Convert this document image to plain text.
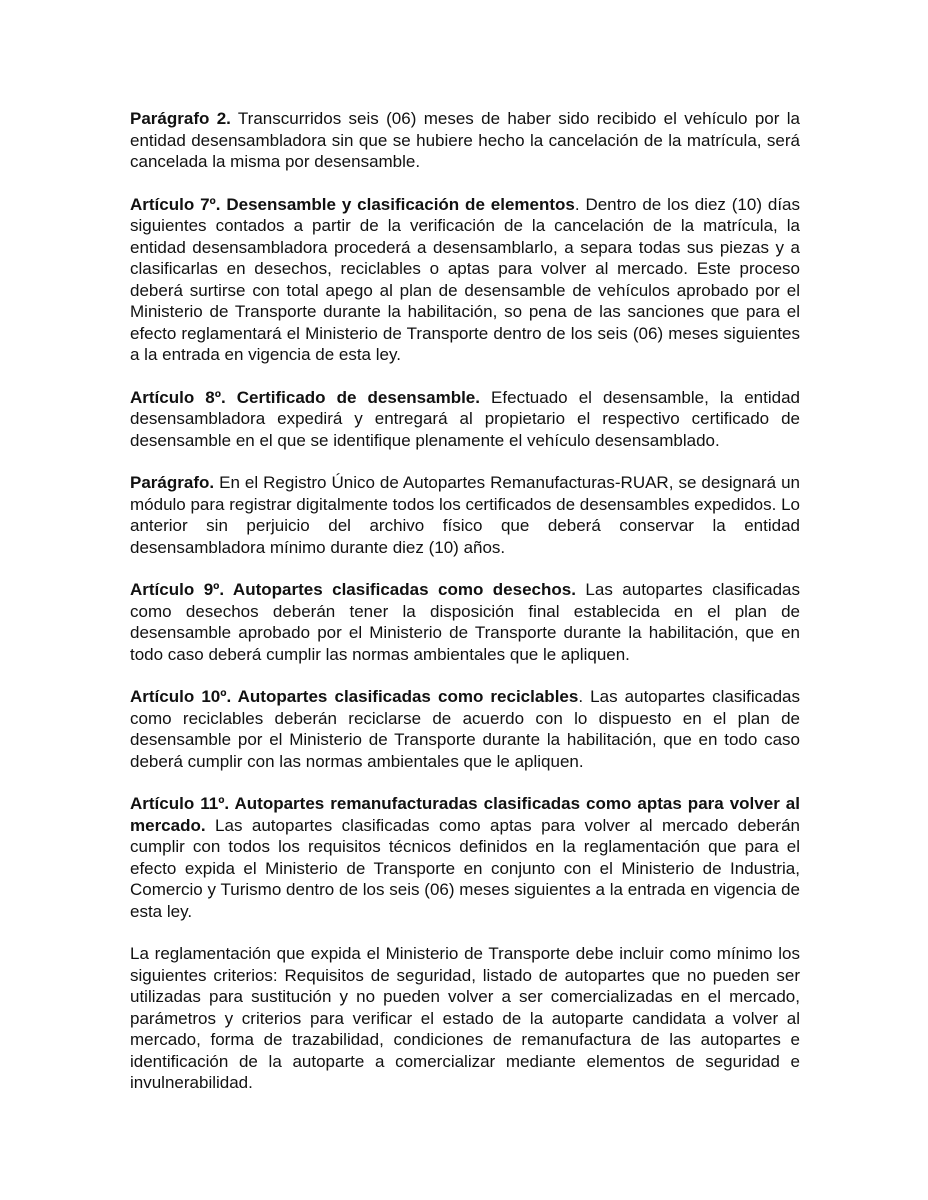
Parágrafo 2. Transcurridos seis (06) meses de haber sido recibido el vehículo por la entidad desensambladora sin que se hubiere hecho la cancelación de la matrícula, será cancelada la misma por desensamble.

Artículo 7º. Desensamble y clasificación de elementos. Dentro de los diez (10) días siguientes contados a partir de la verificación de la cancelación de la matrícula, la entidad desensambladora procederá a desensamblarlo, a separa todas sus piezas y a clasificarlas en desechos, reciclables o aptas para volver al mercado. Este proceso deberá surtirse con total apego al plan de desensamble de vehículos aprobado por el Ministerio de Transporte durante la habilitación, so pena de las sanciones que para el efecto reglamentará el Ministerio de Transporte dentro de los seis (06) meses siguientes a la entrada en vigencia de esta ley.

Artículo 8º. Certificado de desensamble. Efectuado el desensamble, la entidad desensambladora expedirá y entregará al propietario el respectivo certificado de desensamble en el que se identifique plenamente el vehículo desensamblado.

Parágrafo. En el Registro Único de Autopartes Remanufacturas-RUAR, se designará un módulo para registrar digitalmente todos los certificados de desensambles expedidos. Lo anterior sin perjuicio del archivo físico que deberá conservar la entidad desensambladora mínimo durante diez (10) años.

Artículo 9º. Autopartes clasificadas como desechos. Las autopartes clasificadas como desechos deberán tener la disposición final establecida en el plan de desensamble aprobado por el Ministerio de Transporte durante la habilitación, que en todo caso deberá cumplir las normas ambientales que le apliquen.

Artículo 10º. Autopartes clasificadas como reciclables. Las autopartes clasificadas como reciclables deberán reciclarse de acuerdo con lo dispuesto en el plan de desensamble por el Ministerio de Transporte durante la habilitación, que en todo caso deberá cumplir con las normas ambientales que le apliquen.

Artículo 11º. Autopartes remanufacturadas clasificadas como aptas para volver al mercado. Las autopartes clasificadas como aptas para volver al mercado deberán cumplir con todos los requisitos técnicos definidos en la reglamentación que para el efecto expida el Ministerio de Transporte en conjunto con el Ministerio de Industria, Comercio y Turismo dentro de los seis (06) meses siguientes a la entrada en vigencia de esta ley.

La reglamentación que expida el Ministerio de Transporte debe incluir como mínimo los siguientes criterios: Requisitos de seguridad, listado de autopartes que no pueden ser utilizadas para sustitución y no pueden volver a ser comercializadas en el mercado, parámetros y criterios para verificar el estado de la autoparte candidata a volver al mercado, forma de trazabilidad, condiciones de remanufactura de las autopartes e identificación de la autoparte a comercializar mediante elementos de seguridad e invulnerabilidad.
